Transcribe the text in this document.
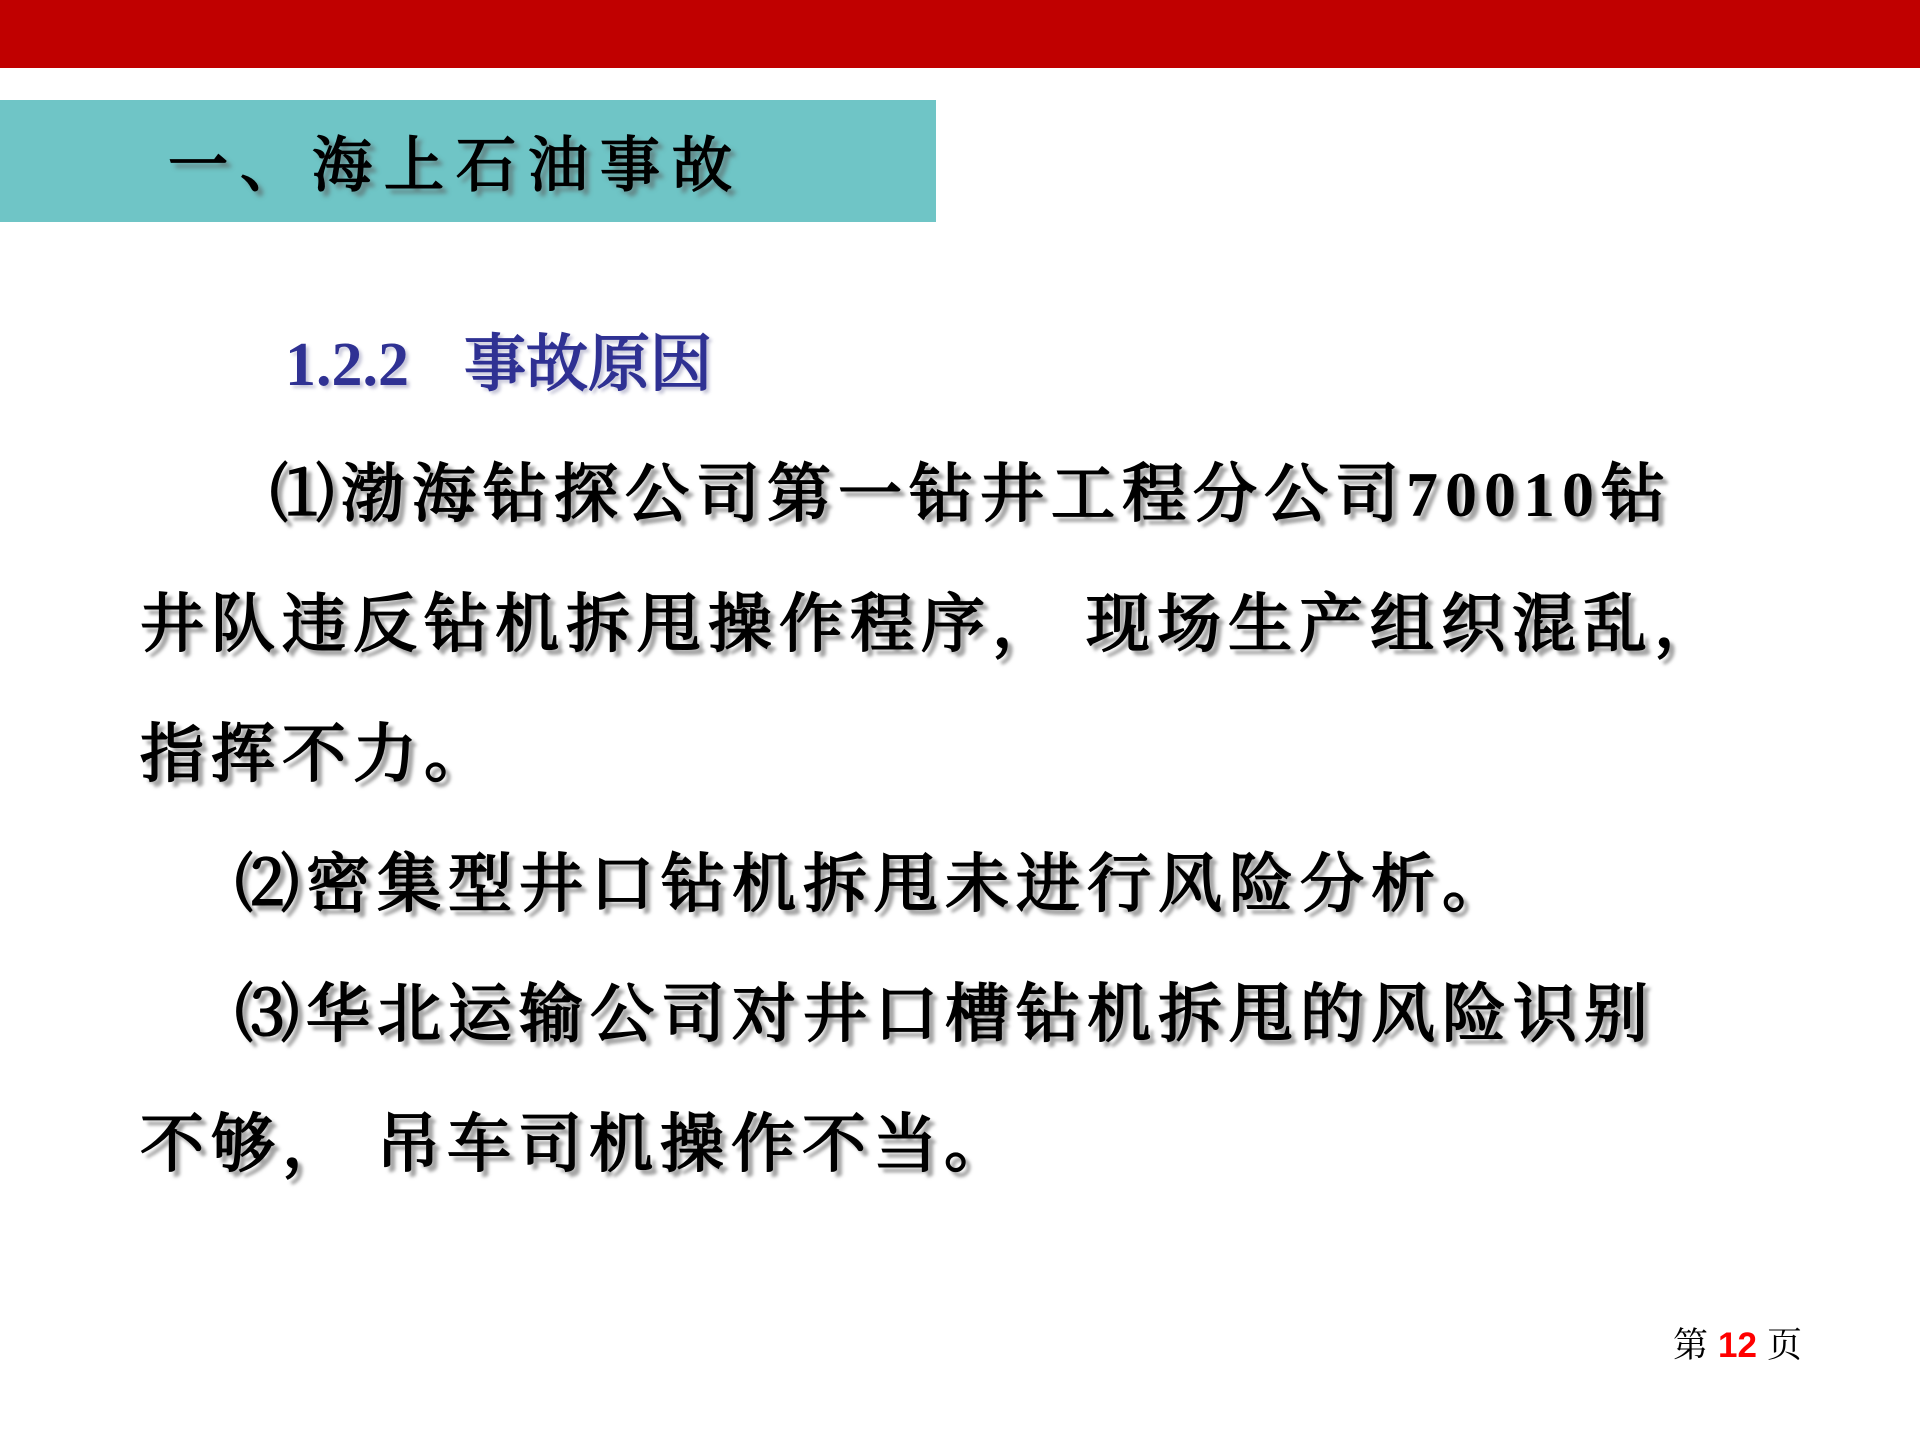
一、海上石油事故
1.2.2 事故原因
⑴渤海钻探公司第一钻井工程分公司70010钻
井队违反钻机拆甩操作程序， 现场生产组织混乱，
指挥不力。
⑵密集型井口钻机拆甩未进行风险分析。
⑶华北运输公司对井口槽钻机拆甩的风险识别
不够， 吊车司机操作不当。
第 12 页
